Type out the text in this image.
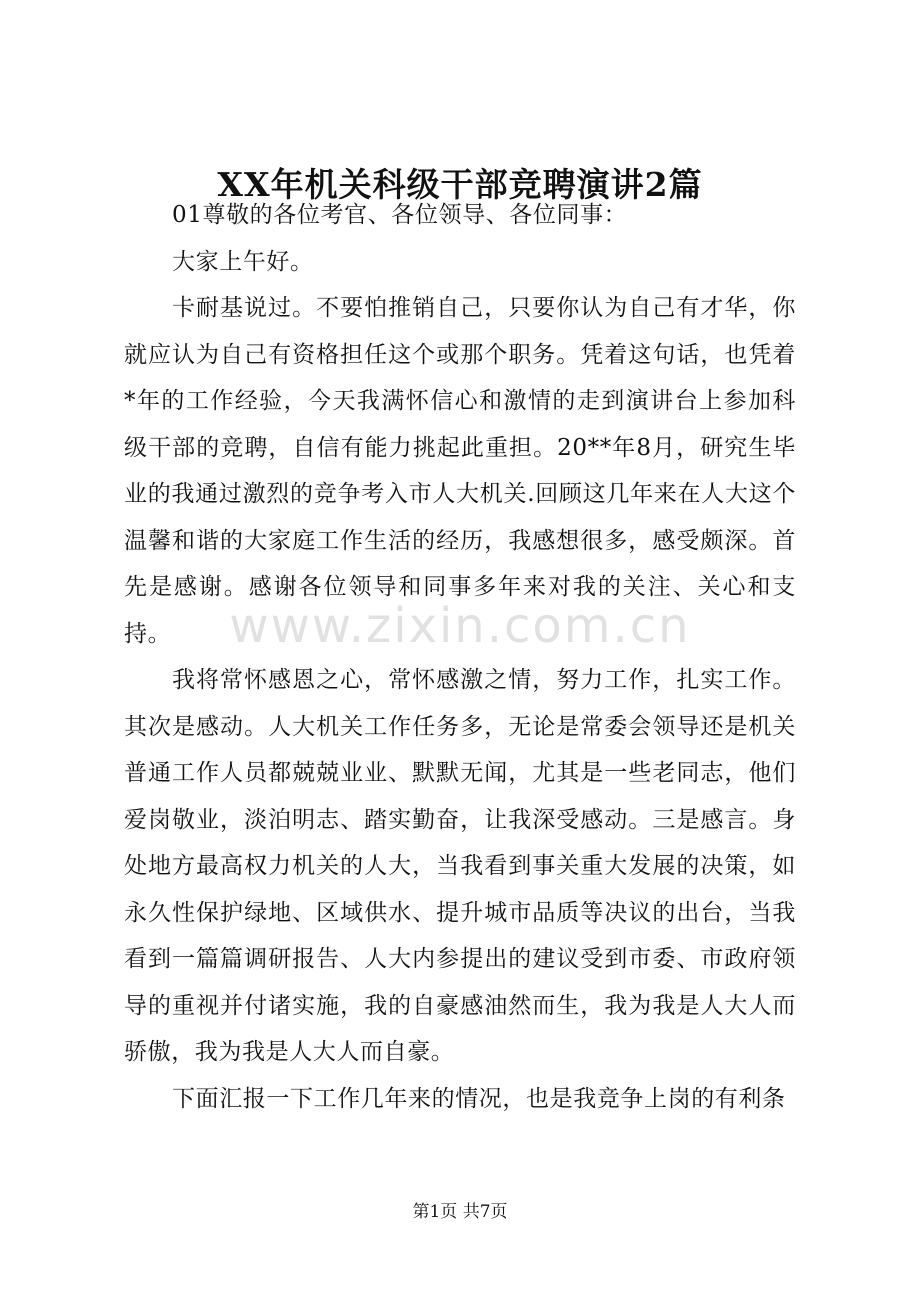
XX年机关科级干部竞聘演讲2篇

01尊敬的各位考官、各位领导、各位同事：

大家上午好。

卡耐基说过。不要怕推销自己，只要你认为自己有才华，你就应认为自己有资格担任这个或那个职务。凭着这句话，也凭着*年的工作经验，今天我满怀信心和激情的走到演讲台上参加科级干部的竞聘，自信有能力挑起此重担。20**年8月，研究生毕业的我通过激烈的竞争考入市人大机关.回顾这几年来在人大这个温馨和谐的大家庭工作生活的经历，我感想很多，感受颇深。首先是感谢。感谢各位领导和同事多年来对我的关注、关心和支持。

我将常怀感恩之心，常怀感激之情，努力工作，扎实工作。其次是感动。人大机关工作任务多，无论是常委会领导还是机关普通工作人员都兢兢业业、默默无闻，尤其是一些老同志，他们爱岗敬业，淡泊明志、踏实勤奋，让我深受感动。三是感言。身处地方最高权力机关的人大，当我看到事关重大发展的决策，如永久性保护绿地、区域供水、提升城市品质等决议的出台，当我看到一篇篇调研报告、人大内参提出的建议受到市委、市政府领导的重视并付诸实施，我的自豪感油然而生，我为我是人大人而骄傲，我为我是人大人而自豪。

下面汇报一下工作几年来的情况，也是我竞争上岗的有利条

www.zixin.com.cn
第1页 共7页
